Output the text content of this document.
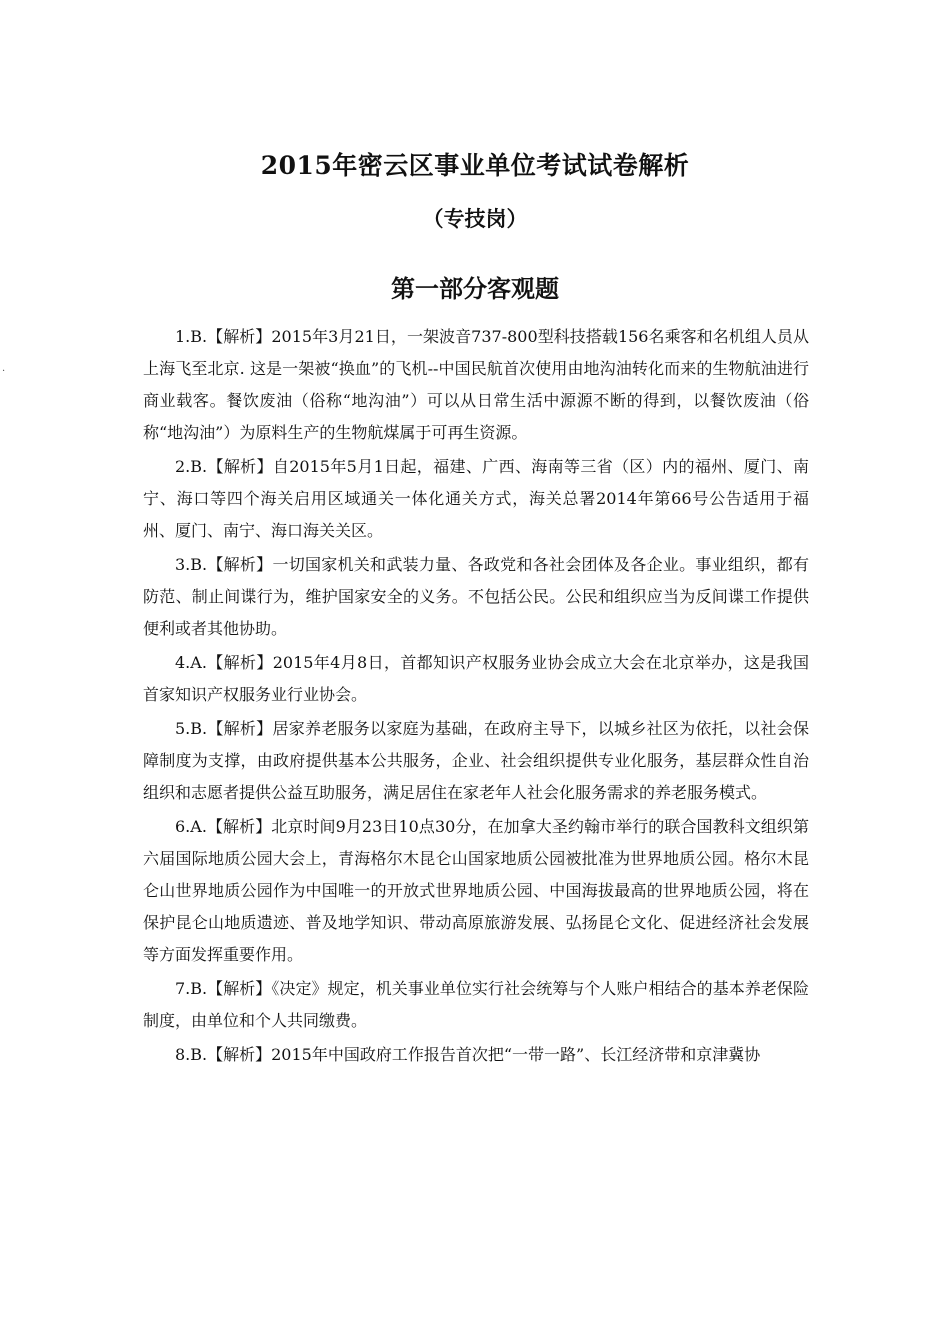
·
2015年密云区事业单位考试试卷解析
（专技岗）
第一部分客观题

1.B.【解析】2015年3月21日，一架波音737-800型科技搭载156名乘客和名机组人员从上海飞至北京. 这是一架被“换血”的飞机--中国民航首次使用由地沟油转化而来的生物航油进行商业载客。餐饮废油（俗称“地沟油”）可以从日常生活中源源不断的得到，以餐饮废油（俗称“地沟油”）为原料生产的生物航煤属于可再生资源。

2.B.【解析】自2015年5月1日起，福建、广西、海南等三省（区）内的福州、厦门、南宁、海口等四个海关启用区域通关一体化通关方式，海关总署2014年第66号公告适用于福州、厦门、南宁、海口海关关区。

3.B.【解析】一切国家机关和武装力量、各政党和各社会团体及各企业。事业组织，都有防范、制止间谍行为，维护国家安全的义务。不包括公民。公民和组织应当为反间谍工作提供便利或者其他协助。

4.A.【解析】2015年4月8日，首都知识产权服务业协会成立大会在北京举办，这是我国首家知识产权服务业行业协会。

5.B.【解析】居家养老服务以家庭为基础，在政府主导下，以城乡社区为依托，以社会保障制度为支撑，由政府提供基本公共服务，企业、社会组织提供专业化服务，基层群众性自治组织和志愿者提供公益互助服务，满足居住在家老年人社会化服务需求的养老服务模式。

6.A.【解析】北京时间9月23日10点30分，在加拿大圣约翰市举行的联合国教科文组织第六届国际地质公园大会上，青海格尔木昆仑山国家地质公园被批准为世界地质公园。格尔木昆仑山世界地质公园作为中国唯一的开放式世界地质公园、中国海拔最高的世界地质公园，将在保护昆仑山地质遗迹、普及地学知识、带动高原旅游发展、弘扬昆仑文化、促进经济社会发展等方面发挥重要作用。

7.B.【解析】《决定》规定，机关事业单位实行社会统筹与个人账户相结合的基本养老保险制度，由单位和个人共同缴费。

8.B.【解析】2015年中国政府工作报告首次把“一带一路”、长江经济带和京津冀协
